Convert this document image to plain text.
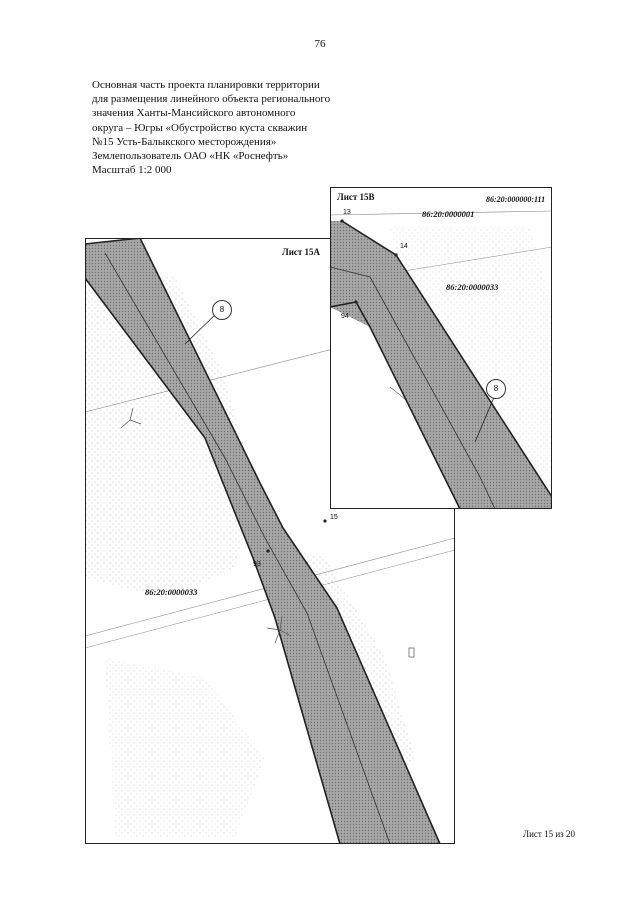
76
Основная часть проекта планировки территории
для размещения линейного объекта регионального
значения Ханты-Мансийского автономного
округа – Югры «Обустройство куста скважин
№15 Усть-Балыкского месторождения»
Землепользователь ОАО «НК «Роснефть»
Масштаб 1:2 000
Лист 15А
86:20:0000033
15
93
8
Лист 15В	86:20:000000:111
86:20:0000001
86:20:0000033
13
14
94
8
Лист 15 из 20
